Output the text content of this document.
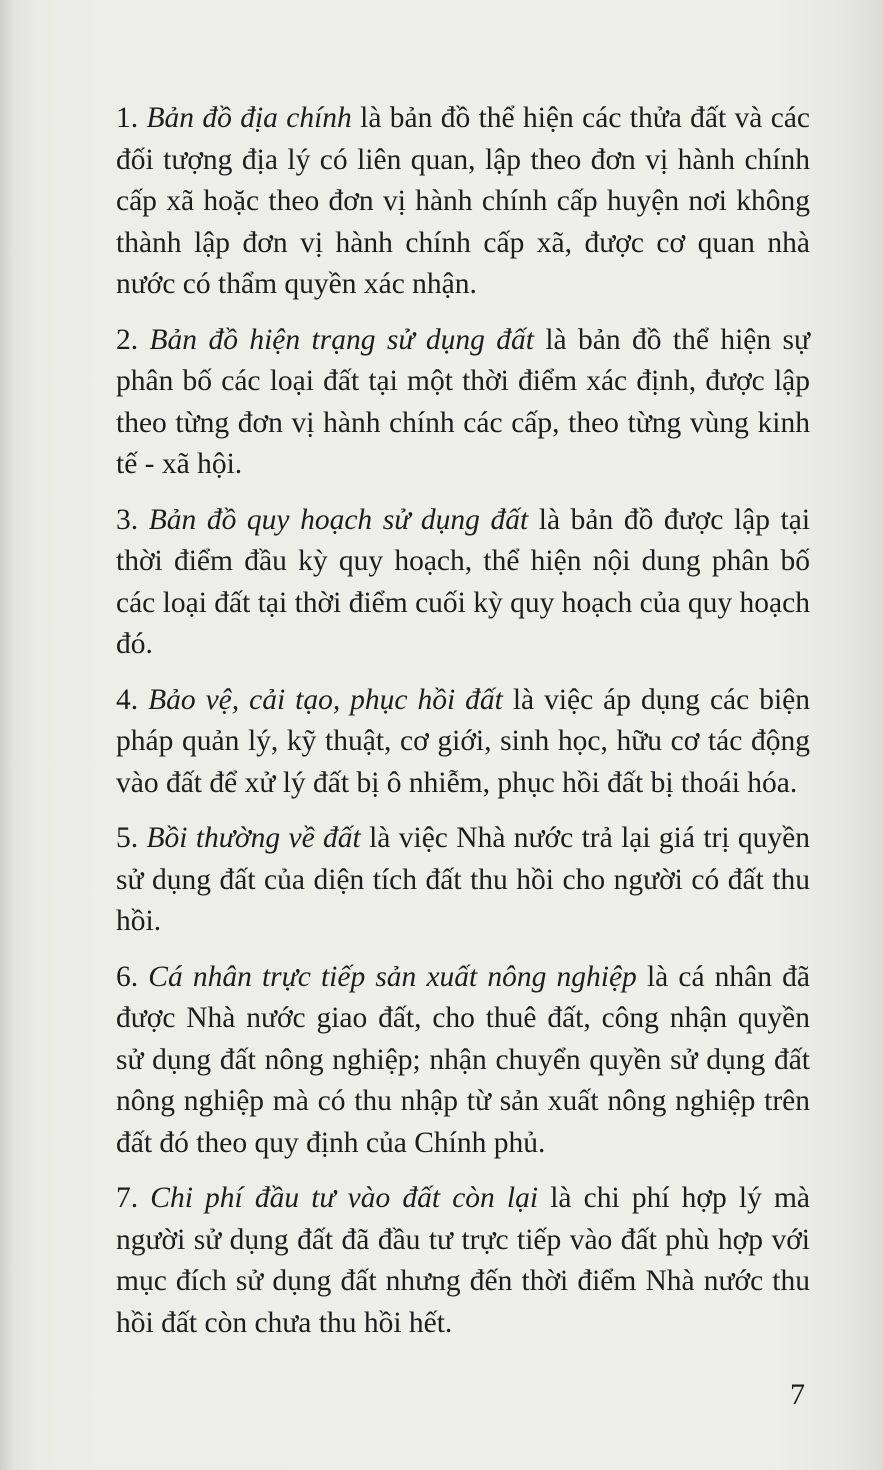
1. Bản đồ địa chính là bản đồ thể hiện các thửa đất và các đối tượng địa lý có liên quan, lập theo đơn vị hành chính cấp xã hoặc theo đơn vị hành chính cấp huyện nơi không thành lập đơn vị hành chính cấp xã, được cơ quan nhà nước có thẩm quyền xác nhận.

2. Bản đồ hiện trạng sử dụng đất là bản đồ thể hiện sự phân bố các loại đất tại một thời điểm xác định, được lập theo từng đơn vị hành chính các cấp, theo từng vùng kinh tế - xã hội.

3. Bản đồ quy hoạch sử dụng đất là bản đồ được lập tại thời điểm đầu kỳ quy hoạch, thể hiện nội dung phân bố các loại đất tại thời điểm cuối kỳ quy hoạch của quy hoạch đó.

4. Bảo vệ, cải tạo, phục hồi đất là việc áp dụng các biện pháp quản lý, kỹ thuật, cơ giới, sinh học, hữu cơ tác động vào đất để xử lý đất bị ô nhiễm, phục hồi đất bị thoái hóa.

5. Bồi thường về đất là việc Nhà nước trả lại giá trị quyền sử dụng đất của diện tích đất thu hồi cho người có đất thu hồi.

6. Cá nhân trực tiếp sản xuất nông nghiệp là cá nhân đã được Nhà nước giao đất, cho thuê đất, công nhận quyền sử dụng đất nông nghiệp; nhận chuyển quyền sử dụng đất nông nghiệp mà có thu nhập từ sản xuất nông nghiệp trên đất đó theo quy định của Chính phủ.

7. Chi phí đầu tư vào đất còn lại là chi phí hợp lý mà người sử dụng đất đã đầu tư trực tiếp vào đất phù hợp với mục đích sử dụng đất nhưng đến thời điểm Nhà nước thu hồi đất còn chưa thu hồi hết.

7
